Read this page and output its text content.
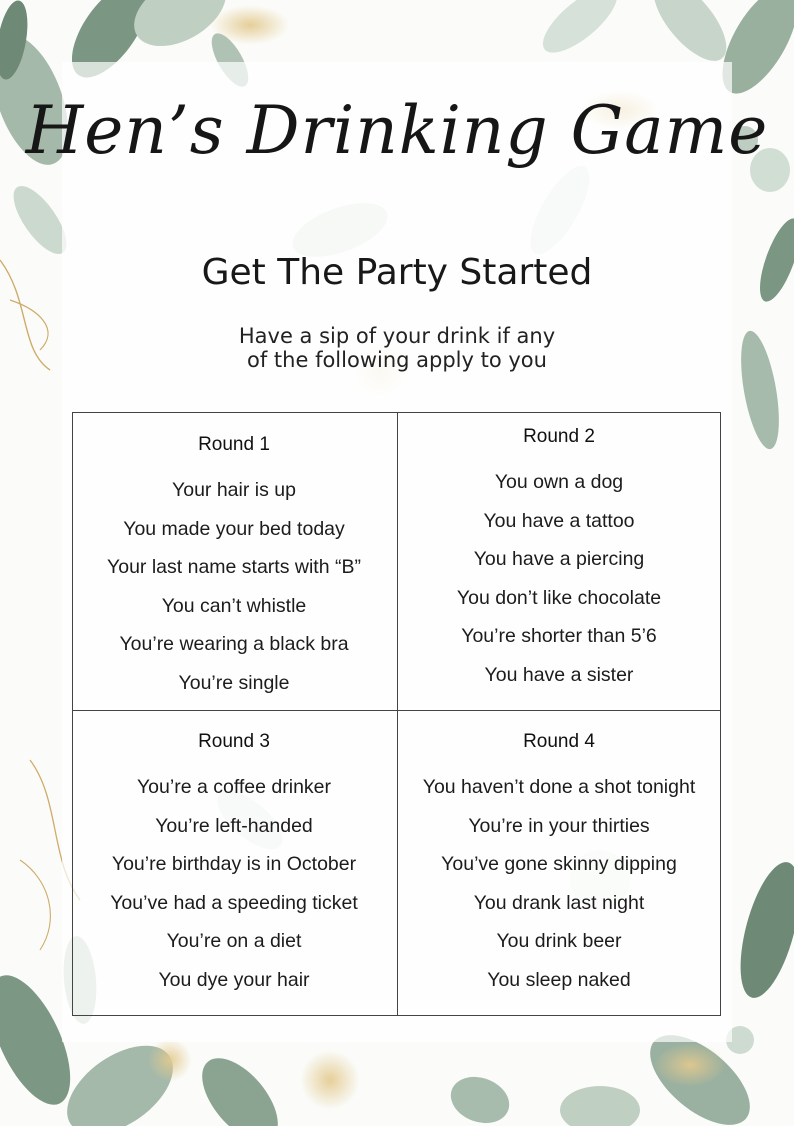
Hen’s Drinking Game
Get The Party Started
Have a sip of your drink if any
of the following apply to you
Round 1
Your hair is up
You made your bed today
Your last name starts with “B”
You can’t whistle
You’re wearing a black bra
You’re single
Round 2
You own a dog
You have a tattoo
You have a piercing
You don’t like chocolate
You’re shorter than 5’6
You have a sister
Round 3
You’re a coffee drinker
You’re left-handed
You’re birthday is in October
You’ve had a speeding ticket
You’re on a diet
You dye your hair
Round 4
You haven’t done a shot tonight
You’re in your thirties
You’ve gone skinny dipping
You drank last night
You drink beer
You sleep naked
